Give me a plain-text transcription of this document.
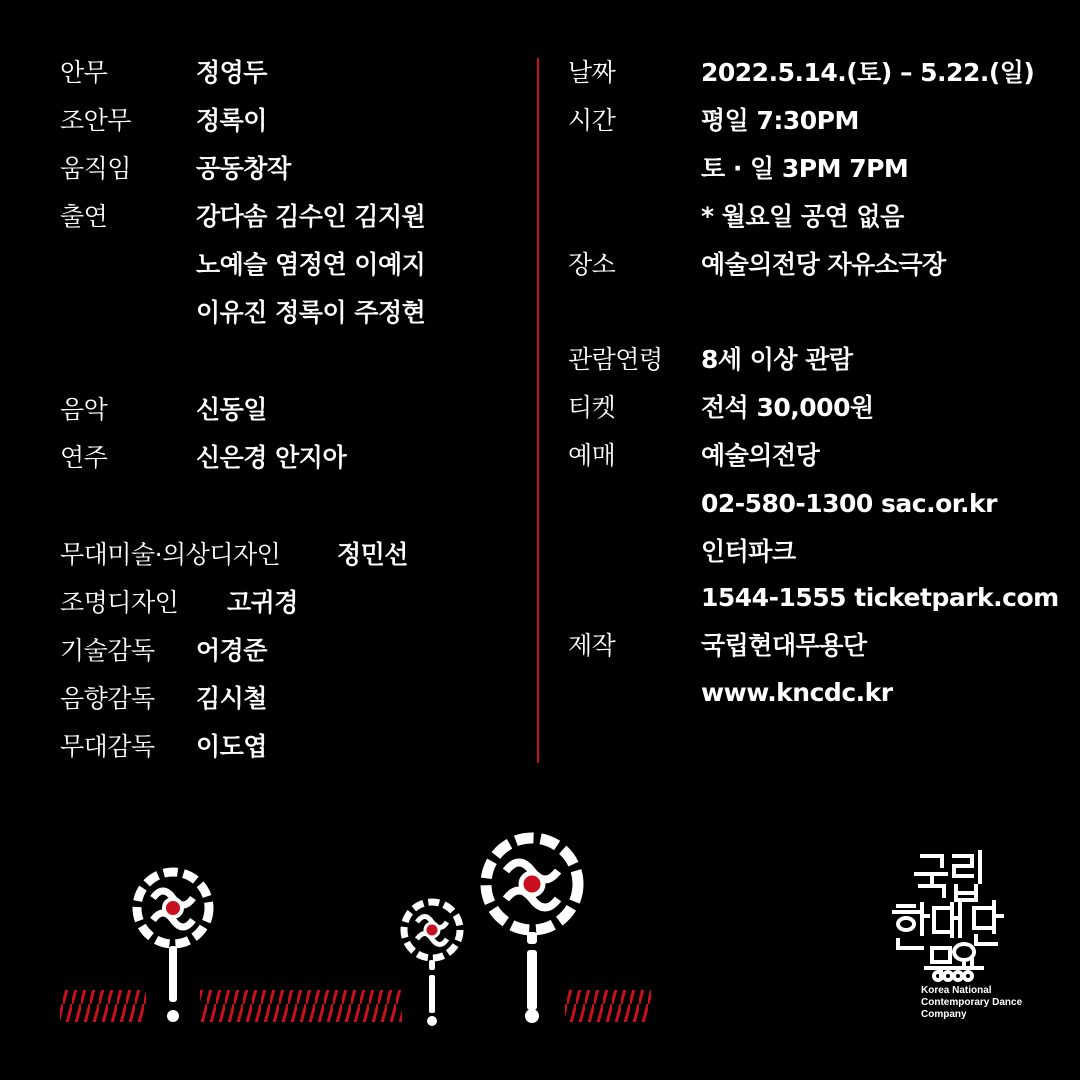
안무	정영두
조안무	정록이
움직임	공동창작
출연	강다솜 김수인 김지원
노예슬 염정연 이예지
이유진 정록이 주정현
음악	신동일
연주	신은경 안지아
무대미술·의상디자인 정민선
조명디자인 고귀경
기술감독 어경준
음향감독 김시철
무대감독 이도엽
날짜	2022.5.14.(토) – 5.22.(일)
시간	평일 7:30PM
토 · 일 3PM 7PM
* 월요일 공연 없음
장소	예술의전당 자유소극장
관람연령 8세 이상 관람
티켓	전석 30,000원
예매	예술의전당
02-580-1300 sac.or.kr
인터파크
1544-1555 ticketpark.com
제작	국립현대무용단
www.kncdc.kr
Korea National
Contemporary Dance
Company
